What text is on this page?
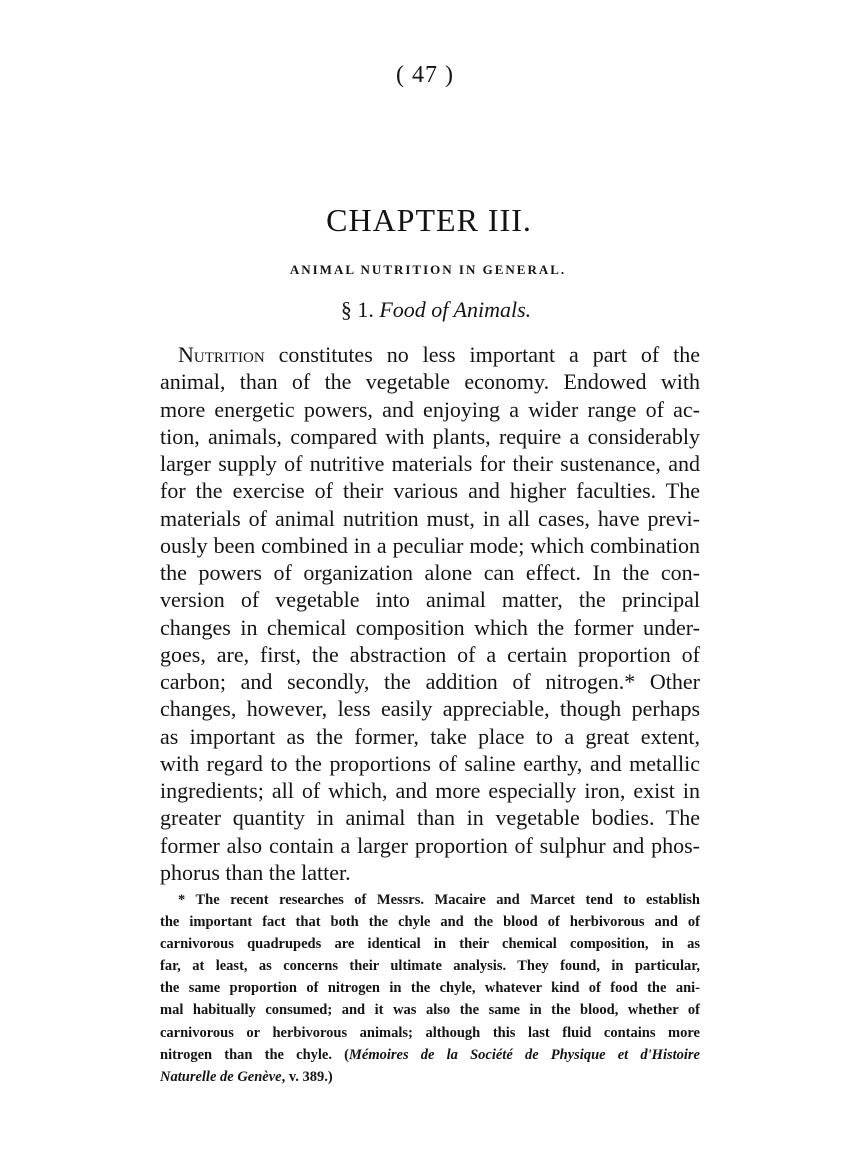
( 47 )
CHAPTER III.
ANIMAL NUTRITION IN GENERAL.
§ 1. Food of Animals.
Nutrition constitutes no less important a part of the
animal, than of the vegetable economy. Endowed with
more energetic powers, and enjoying a wider range of ac-
tion, animals, compared with plants, require a considerably
larger supply of nutritive materials for their sustenance, and
for the exercise of their various and higher faculties. The
materials of animal nutrition must, in all cases, have previ-
ously been combined in a peculiar mode; which combination
the powers of organization alone can effect. In the con-
version of vegetable into animal matter, the principal
changes in chemical composition which the former under-
goes, are, first, the abstraction of a certain proportion of
carbon; and secondly, the addition of nitrogen.* Other
changes, however, less easily appreciable, though perhaps
as important as the former, take place to a great extent,
with regard to the proportions of saline earthy, and metallic
ingredients; all of which, and more especially iron, exist in
greater quantity in animal than in vegetable bodies. The
former also contain a larger proportion of sulphur and phos-
phorus than the latter.
* The recent researches of Messrs. Macaire and Marcet tend to establish
the important fact that both the chyle and the blood of herbivorous and of
carnivorous quadrupeds are identical in their chemical composition, in as
far, at least, as concerns their ultimate analysis. They found, in particular,
the same proportion of nitrogen in the chyle, whatever kind of food the ani-
mal habitually consumed; and it was also the same in the blood, whether of
carnivorous or herbivorous animals; although this last fluid contains more
nitrogen than the chyle. (Mémoires de la Société de Physique et d'Histoire
Naturelle de Genève, v. 389.)
